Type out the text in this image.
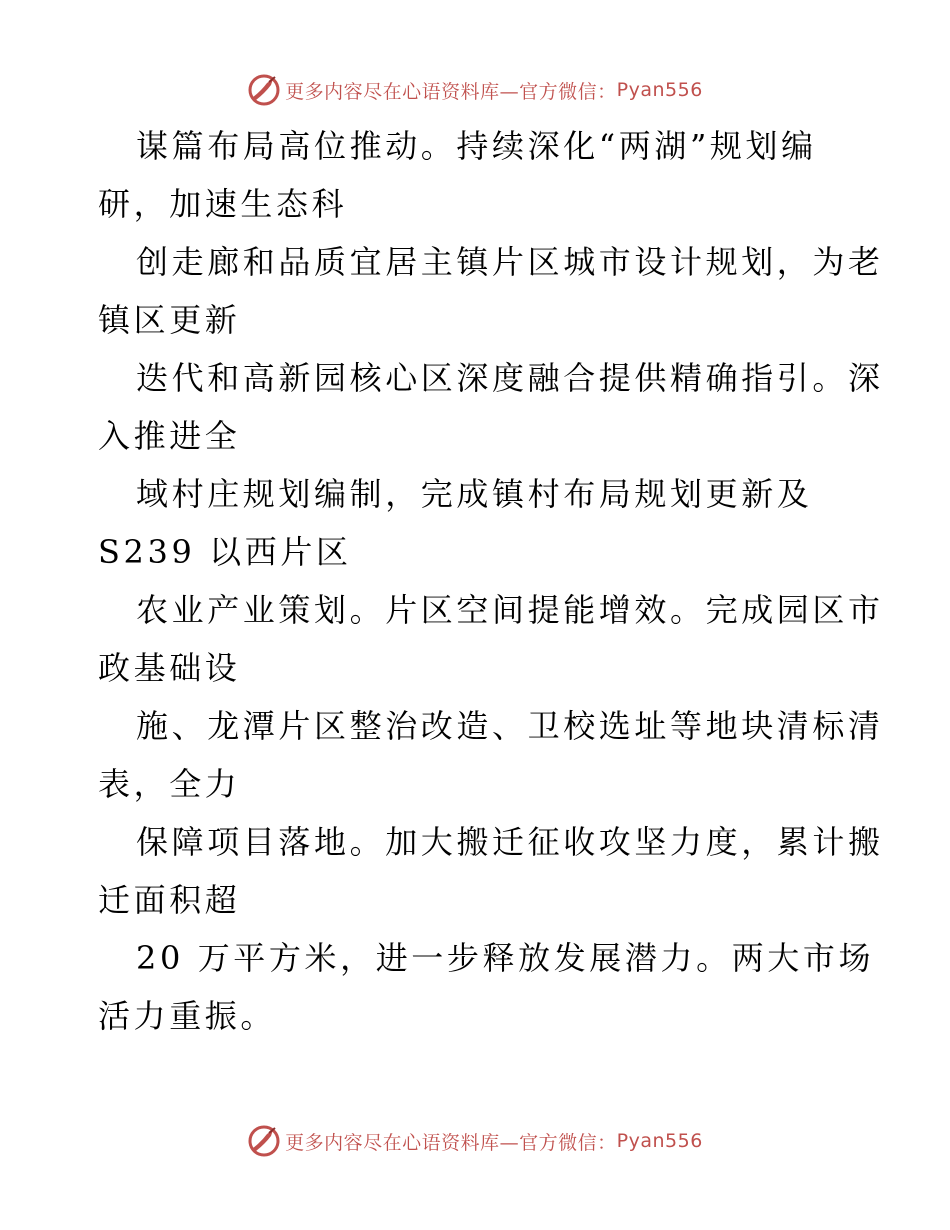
更多内容尽在心语资料库—官方微信： Pyan556
谋篇布局高位推动。持续深化“两湖”规划编
研，加速生态科
创走廊和品质宜居主镇片区城市设计规划，为老
镇区更新
迭代和高新园核心区深度融合提供精确指引。深
入推进全
域村庄规划编制，完成镇村布局规划更新及
S239 以西片区
农业产业策划。片区空间提能增效。完成园区市
政基础设
施、龙潭片区整治改造、卫校选址等地块清标清
表，全力
保障项目落地。加大搬迁征收攻坚力度，累计搬
迁面积超
20 万平方米，进一步释放发展潜力。两大市场
活力重振。
更多内容尽在心语资料库—官方微信： Pyan556
